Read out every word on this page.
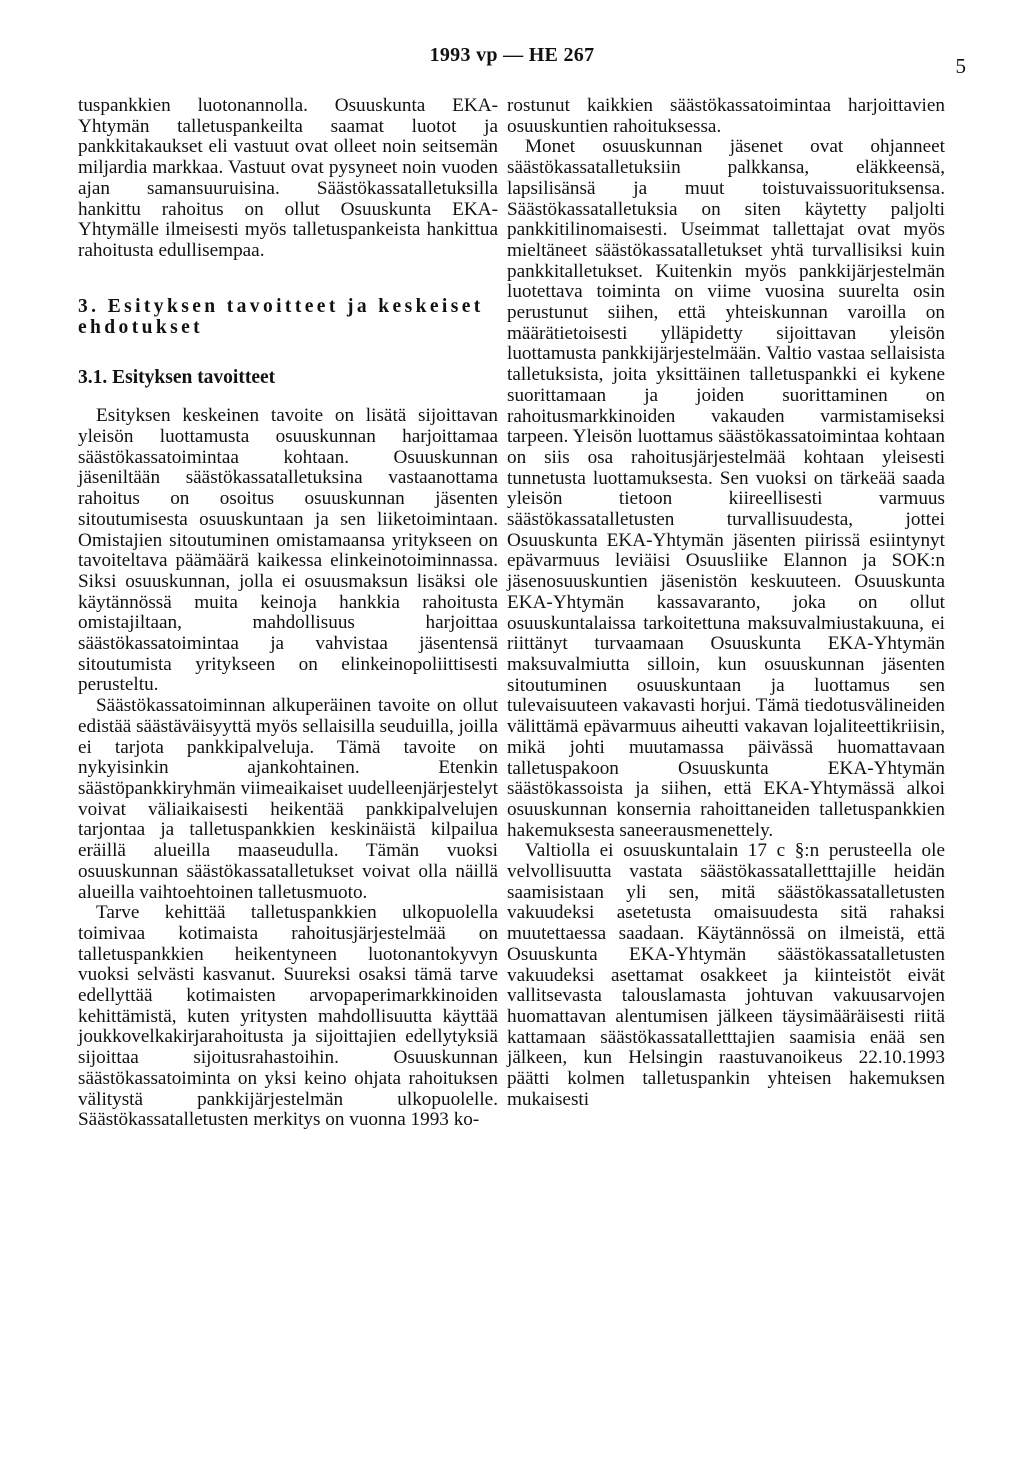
1993 vp — HE 267	5

tuspankkien luotonannolla. Osuuskunta EKA-Yhtymän talletuspankeilta saamat luotot ja pankkitakaukset eli vastuut ovat olleet noin seitsemän miljardia markkaa. Vastuut ovat pysyneet noin vuoden ajan samansuuruisina. Säästökassatalletuksilla hankittu rahoitus on ollut Osuuskunta EKA-Yhtymälle ilmeisesti myös talletuspankeista hankittua rahoitusta edullisempaa.

3. Esityksen tavoitteet ja keskeiset ehdotukset
3.1. Esityksen tavoitteet

Esityksen keskeinen tavoite on lisätä sijoittavan yleisön luottamusta osuuskunnan harjoittamaa säästökassatoimintaa kohtaan. Osuuskunnan jäseniltään säästökassatalletuksina vastaanottama rahoitus on osoitus osuuskunnan jäsenten sitoutumisesta osuuskuntaan ja sen liiketoimintaan. Omistajien sitoutuminen omistamaansa yritykseen on tavoiteltava päämäärä kaikessa elinkeinotoiminnassa. Siksi osuuskunnan, jolla ei osuusmaksun lisäksi ole käytännössä muita keinoja hankkia rahoitusta omistajiltaan, mahdollisuus harjoittaa säästökassatoimintaa ja vahvistaa jäsentensä sitoutumista yritykseen on elinkeinopoliittisesti perusteltu.

Säästökassatoiminnan alkuperäinen tavoite on ollut edistää säästäväisyyttä myös sellaisilla seuduilla, joilla ei tarjota pankkipalveluja. Tämä tavoite on nykyisinkin ajankohtainen. Etenkin säästöpankkiryhmän viimeaikaiset uudelleenjärjestelyt voivat väliaikaisesti heikentää pankkipalvelujen tarjontaa ja talletuspankkien keskinäistä kilpailua eräillä alueilla maaseudulla. Tämän vuoksi osuuskunnan säästökassatalletukset voivat olla näillä alueilla vaihtoehtoinen talletusmuoto.

Tarve kehittää talletuspankkien ulkopuolella toimivaa kotimaista rahoitusjärjestelmää on talletuspankkien heikentyneen luotonantokyvyn vuoksi selvästi kasvanut. Suureksi osaksi tämä tarve edellyttää kotimaisten arvopaperimarkkinoiden kehittämistä, kuten yritysten mahdollisuutta käyttää joukkovelkakirjarahoitusta ja sijoittajien edellytyksiä sijoittaa sijoitusrahastoihin. Osuuskunnan säästökassatoiminta on yksi keino ohjata rahoituksen välitystä pankkijärjestelmän ulkopuolelle. Säästökassatalletusten merkitys on vuonna 1993 ko-

rostunut kaikkien säästökassatoimintaa harjoittavien osuuskuntien rahoituksessa.

Monet osuuskunnan jäsenet ovat ohjanneet säästökassatalletuksiin palkkansa, eläkkeensä, lapsilisänsä ja muut toistuvaissuorituksensa. Säästökassatalletuksia on siten käytetty paljolti pankkitilinomaisesti. Useimmat tallettajat ovat myös mieltäneet säästökassatalletukset yhtä turvallisiksi kuin pankkitalletukset. Kuitenkin myös pankkijärjestelmän luotettava toiminta on viime vuosina suurelta osin perustunut siihen, että yhteiskunnan varoilla on määrätietoisesti ylläpidetty sijoittavan yleisön luottamusta pankkijärjestelmään. Valtio vastaa sellaisista talletuksista, joita yksittäinen talletuspankki ei kykene suorittamaan ja joiden suorittaminen on rahoitusmarkkinoiden vakauden varmistamiseksi tarpeen. Yleisön luottamus säästökassatoimintaa kohtaan on siis osa rahoitusjärjestelmää kohtaan yleisesti tunnetusta luottamuksesta. Sen vuoksi on tärkeää saada yleisön tietoon kiireellisesti varmuus säästökassatalletusten turvallisuudesta, jottei Osuuskunta EKA-Yhtymän jäsenten piirissä esiintynyt epävarmuus leviäisi Osuusliike Elannon ja SOK:n jäsenosuuskuntien jäsenistön keskuuteen. Osuuskunta EKA-Yhtymän kassavaranto, joka on ollut osuuskuntalaissa tarkoitettuna maksuvalmiustakuuna, ei riittänyt turvaamaan Osuuskunta EKA-Yhtymän maksuvalmiutta silloin, kun osuuskunnan jäsenten sitoutuminen osuuskuntaan ja luottamus sen tulevaisuuteen vakavasti horjui. Tämä tiedotusvälineiden välittämä epävarmuus aiheutti vakavan lojaliteettikriisin, mikä johti muutamassa päivässä huomattavaan talletuspakoon Osuuskunta EKA-Yhtymän säästökassoista ja siihen, että EKA-Yhtymässä alkoi osuuskunnan konsernia rahoittaneiden talletuspankkien hakemuksesta saneerausmenettely.

Valtiolla ei osuuskuntalain 17 c §:n perusteella ole velvollisuutta vastata säästökassatalletttajille heidän saamisistaan yli sen, mitä säästökassatalletusten vakuudeksi asetetusta omaisuudesta sitä rahaksi muutettaessa saadaan. Käytännössä on ilmeistä, että Osuuskunta EKA-Yhtymän säästökassatalletusten vakuudeksi asettamat osakkeet ja kiinteistöt eivät vallitsevasta talouslamasta johtuvan vakuusarvojen huomattavan alentumisen jälkeen täysimääräisesti riitä kattamaan säästökassatalletttajien saamisia enää sen jälkeen, kun Helsingin raastuvanoikeus 22.10.1993 päätti kolmen talletuspankin yhteisen hakemuksen mukaisesti
